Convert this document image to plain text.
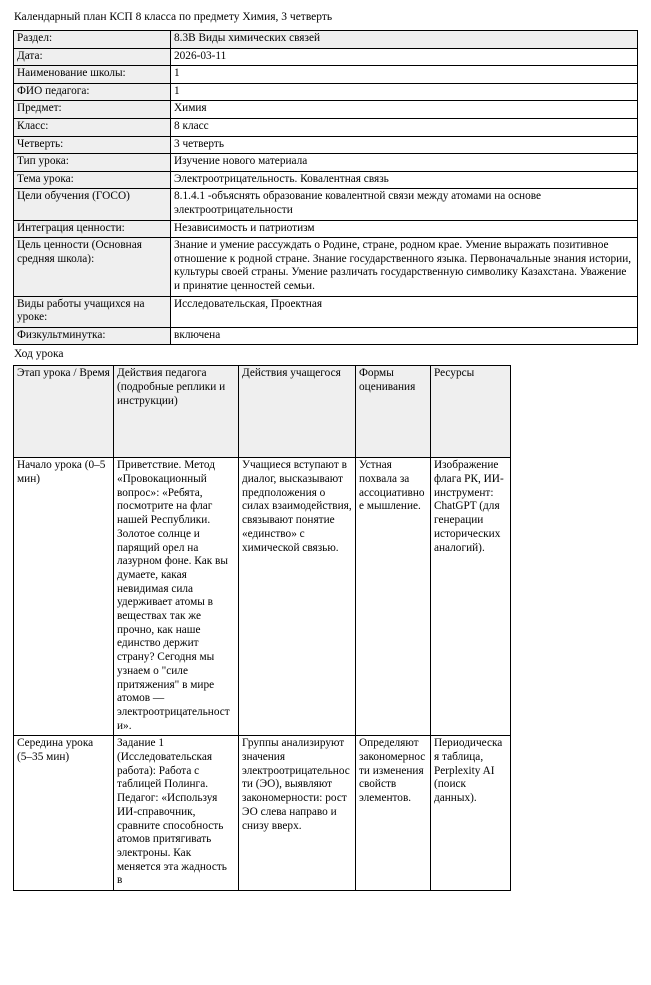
Календарный план КСП 8 класса по предмету Химия, 3 четверть
Раздел:	8.3В Виды химических связей
Дата:	2026-03-11
Наименование школы:	1
ФИО педагога:	1
Предмет:	Химия
Класс:	8 класс
Четверть:	3 четверть
Тип урока:	Изучение нового материала
Тема урока:	Электроотрицательность. Ковалентная связь
Цели обучения (ГОСО)	8.1.4.1 -объяснять образование ковалентной связи между атомами на основе электроотрицательности
Интеграция ценности:	Независимость и патриотизм
Цель ценности (Основная средняя школа):	Знание и умение рассуждать о Родине, стране, родном крае. Умение выражать позитивное отношение к родной стране. Знание государственного языка. Первоначальные знания истории, культуры своей страны. Умение различать государственную символику Казахстана. Уважение и принятие ценностей семьи.
Виды работы учащихся на уроке:	Исследовательская, Проектная
Физкультминутка:	включена
Ход урока
Этап урока / Время	Действия педагога (подробные реплики и инструкции)	Действия учащегося	Формы оценивания	Ресурсы
Начало урока (0–5 мин)	Приветствие. Метод «Провокационный вопрос»: «Ребята, посмотрите на флаг нашей Республики. Золотое солнце и парящий орел на лазурном фоне. Как вы думаете, какая невидимая сила удерживает атомы в веществах так же прочно, как наше единство держит страну? Сегодня мы узнаем о "силе притяжения" в мире атомов — электроотрицательности».	Учащиеся вступают в диалог, высказывают предположения о силах взаимодействия, связывают понятие «единство» с химической связью.	Устная похвала за ассоциативное мышление.	Изображение флага РК, ИИ-инструмент: ChatGPT (для генерации исторических аналогий).
Середина урока (5–35 мин)	Задание 1 (Исследовательская работа): Работа с таблицей Полинга. Педагог: «Используя ИИ-справочник, сравните способность атомов притягивать электроны. Как меняется эта жадность в	Группы анализируют значения электроотрицательности (ЭО), выявляют закономерности: рост ЭО слева направо и снизу вверх.	Определяют закономерности изменения свойств элементов.	Периодическая таблица, Perplexity AI (поиск данных).
